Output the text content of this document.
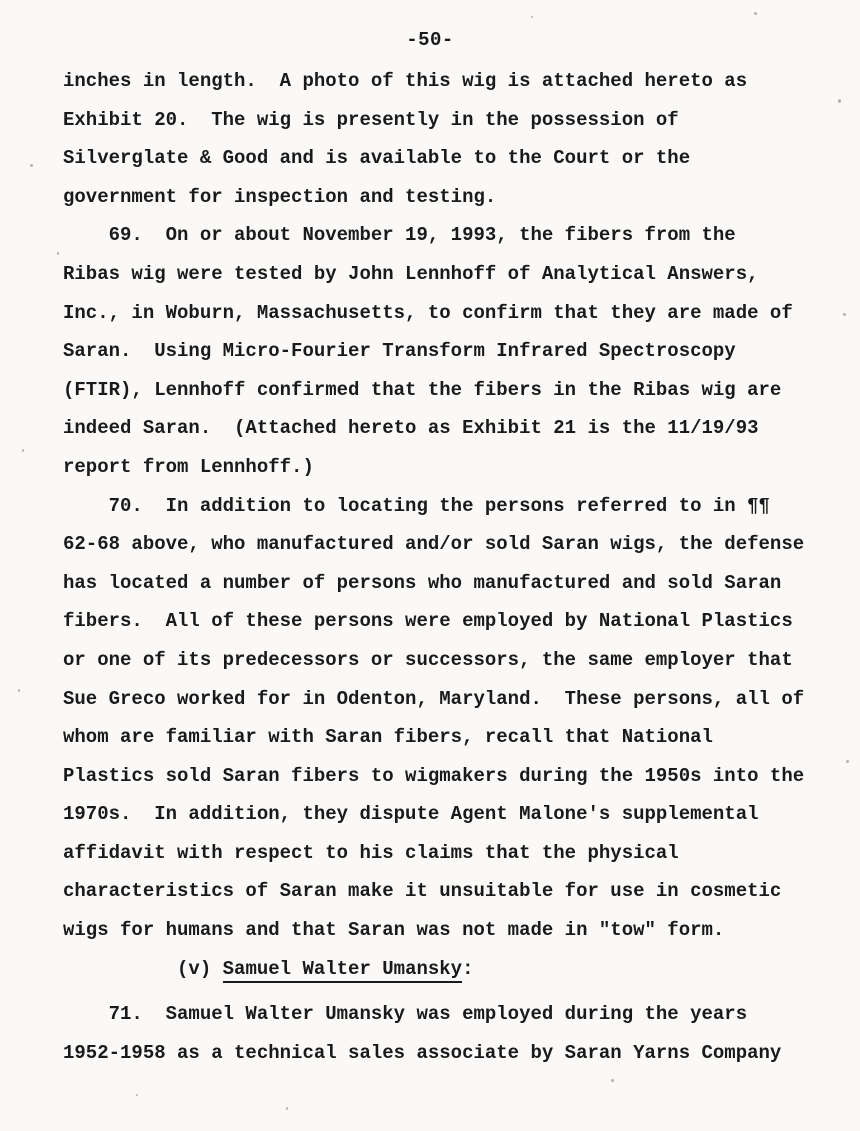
-50-
inches in length.  A photo of this wig is attached hereto as
Exhibit 20.  The wig is presently in the possession of
Silverglate & Good and is available to the Court or the
government for inspection and testing.
69.  On or about November 19, 1993, the fibers from the
Ribas wig were tested by John Lennhoff of Analytical Answers,
Inc., in Woburn, Massachusetts, to confirm that they are made of
Saran.  Using Micro-Fourier Transform Infrared Spectroscopy
(FTIR), Lennhoff confirmed that the fibers in the Ribas wig are
indeed Saran.  (Attached hereto as Exhibit 21 is the 11/19/93
report from Lennhoff.)
70.  In addition to locating the persons referred to in ¶¶
62-68 above, who manufactured and/or sold Saran wigs, the defense
has located a number of persons who manufactured and sold Saran
fibers.  All of these persons were employed by National Plastics
or one of its predecessors or successors, the same employer that
Sue Greco worked for in Odenton, Maryland.  These persons, all of
whom are familiar with Saran fibers, recall that National
Plastics sold Saran fibers to wigmakers during the 1950s into the
1970s.  In addition, they dispute Agent Malone's supplemental
affidavit with respect to his claims that the physical
characteristics of Saran make it unsuitable for use in cosmetic
wigs for humans and that Saran was not made in "tow" form.
(v) Samuel Walter Umansky:
71.  Samuel Walter Umansky was employed during the years
1952-1958 as a technical sales associate by Saran Yarns Company
